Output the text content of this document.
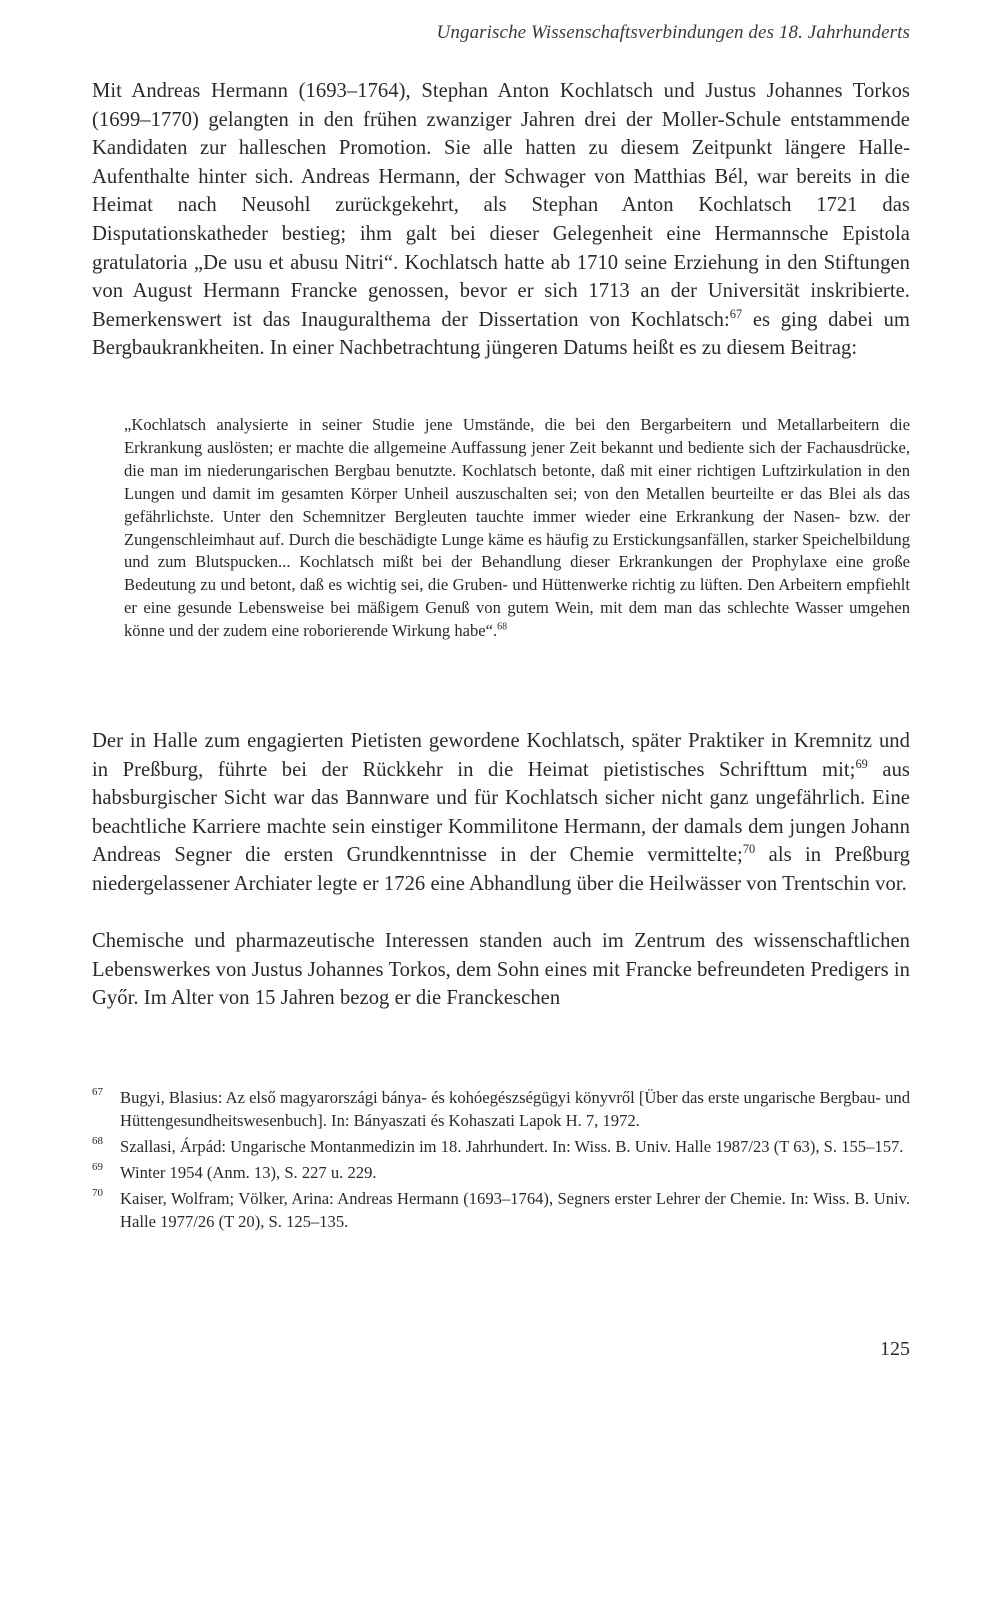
Ungarische Wissenschaftsverbindungen des 18. Jahrhunderts
Mit Andreas Hermann (1693–1764), Stephan Anton Kochlatsch und Justus Johannes Torkos (1699–1770) gelangten in den frühen zwanziger Jahren drei der Moller-Schule entstammende Kandidaten zur halleschen Promotion. Sie alle hatten zu diesem Zeitpunkt längere Halle-Aufenthalte hinter sich. Andreas Hermann, der Schwager von Matthias Bél, war bereits in die Heimat nach Neusohl zurückgekehrt, als Stephan Anton Kochlatsch 1721 das Disputationskatheder bestieg; ihm galt bei dieser Gelegenheit eine Hermannsche Epistola gratulatoria „De usu et abusu Nitri“. Kochlatsch hatte ab 1710 seine Erziehung in den Stiftungen von August Hermann Francke genossen, bevor er sich 1713 an der Universität inskribierte. Bemerkenswert ist das Inauguralthema der Dissertation von Kochlatsch:$^{67}$ es ging dabei um Bergbaukrankheiten. In einer Nachbetrachtung jüngeren Datums heißt es zu diesem Beitrag:
„Kochlatsch analysierte in seiner Studie jene Umstände, die bei den Bergarbeitern und Metallarbeitern die Erkrankung auslösten; er machte die allgemeine Auffassung jener Zeit bekannt und bediente sich der Fachausdrücke, die man im niederungarischen Bergbau benutzte. Kochlatsch betonte, daß mit einer richtigen Luftzirkulation in den Lungen und damit im gesamten Körper Unheil auszuschalten sei; von den Metallen beurteilte er das Blei als das gefährlichste. Unter den Schemnitzer Bergleuten tauchte immer wieder eine Erkrankung der Nasen- bzw. der Zungenschleimhaut auf. Durch die beschädigte Lunge käme es häufig zu Erstickungsanfällen, starker Speichelbildung und zum Blutspucken... Kochlatsch mißt bei der Behandlung dieser Erkrankungen der Prophylaxe eine große Bedeutung zu und betont, daß es wichtig sei, die Gruben- und Hüttenwerke richtig zu lüften. Den Arbeitern empfiehlt er eine gesunde Lebensweise bei mäßigem Genuß von gutem Wein, mit dem man das schlechte Wasser umgehen könne und der zudem eine roborierende Wirkung habe“.$^{68}$
Der in Halle zum engagierten Pietisten gewordene Kochlatsch, später Praktiker in Kremnitz und in Preßburg, führte bei der Rückkehr in die Heimat pietistisches Schrifttum mit;$^{69}$ aus habsburgischer Sicht war das Bannware und für Kochlatsch sicher nicht ganz ungefährlich. Eine beachtliche Karriere machte sein einstiger Kommilitone Hermann, der damals dem jungen Johann Andreas Segner die ersten Grundkenntnisse in der Chemie vermittelte;$^{70}$ als in Preßburg niedergelassener Archiater legte er 1726 eine Abhandlung über die Heilwässer von Trentschin vor.
Chemische und pharmazeutische Interessen standen auch im Zentrum des wissenschaftlichen Lebenswerkes von Justus Johannes Torkos, dem Sohn eines mit Francke befreundeten Predigers in Győr. Im Alter von 15 Jahren bezog er die Franckeschen
67 Bugyi, Blasius: Az első magyarországi bánya- és kohóegészségügyi könyvről [Über das erste ungarische Bergbau- und Hüttengesundheitswesenbuch]. In: Bányaszati és Kohaszati Lapok H. 7, 1972.
68 Szallasi, Árpád: Ungarische Montanmedizin im 18. Jahrhundert. In: Wiss. B. Univ. Halle 1987/23 (T 63), S. 155–157.
69 Winter 1954 (Anm. 13), S. 227 u. 229.
70 Kaiser, Wolfram; Völker, Arina: Andreas Hermann (1693–1764), Segners erster Lehrer der Chemie. In: Wiss. B. Univ. Halle 1977/26 (T 20), S. 125–135.
125
